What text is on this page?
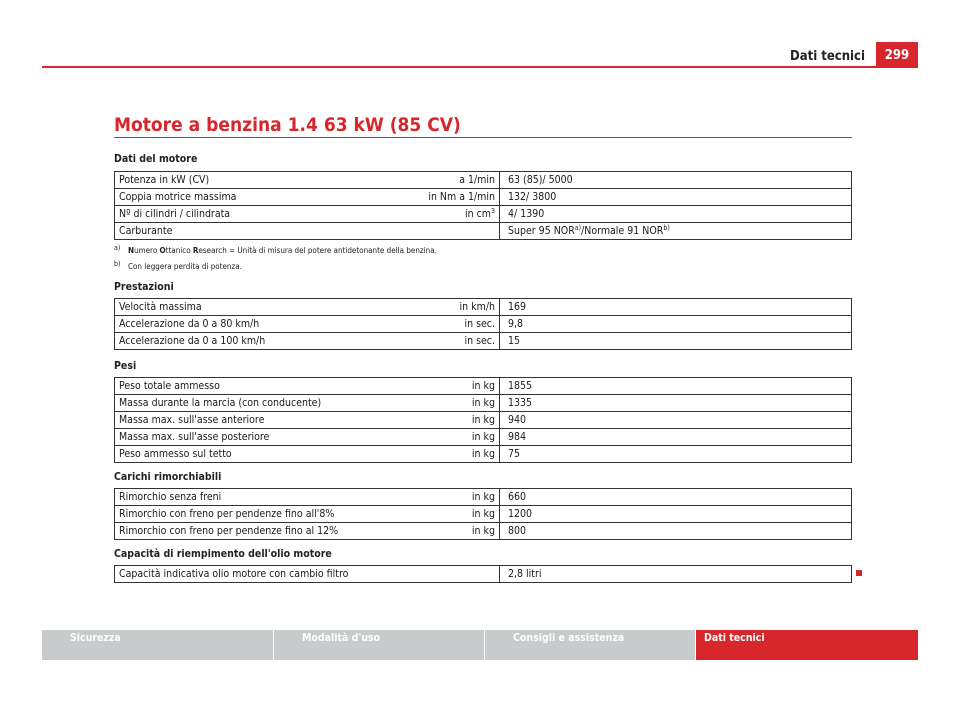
Dati tecnici	299
Motore a benzina 1.4 63 kW (85 CV)
Dati del motore
Potenza in kW (CV)	a 1/min	63 (85)/ 5000
Coppia motrice massima	in Nm a 1/min	132/ 3800
Nº di cilindri / cilindrata	in $cm^3$	4/ 1390
Carburante		Super 95 NOR$^{a)}$/Normale 91 NOR$^{b)}$
a) Numero Ottanico Research = Unità di misura del potere antidetonante della benzina.
b) Con leggera perdita di potenza.
Prestazioni
Velocità massima	in km/h	169
Accelerazione da 0 a 80 km/h	in sec.	9,8
Accelerazione da 0 a 100 km/h	in sec.	15
Pesi
Peso totale ammesso	in kg	1855
Massa durante la marcia (con conducente)	in kg	1335
Massa max. sull'asse anteriore	in kg	940
Massa max. sull'asse posteriore	in kg	984
Peso ammesso sul tetto	in kg	75
Carichi rimorchiabili
Rimorchio senza freni	in kg	660
Rimorchio con freno per pendenze fino all'8%	in kg	1200
Rimorchio con freno per pendenze fino al 12%	in kg	800
Capacità di riempimento dell'olio motore
Capacità indicativa olio motore con cambio filtro		2,8 litri
Sicurezza	Modalità d'uso	Consigli e assistenza	Dati tecnici
